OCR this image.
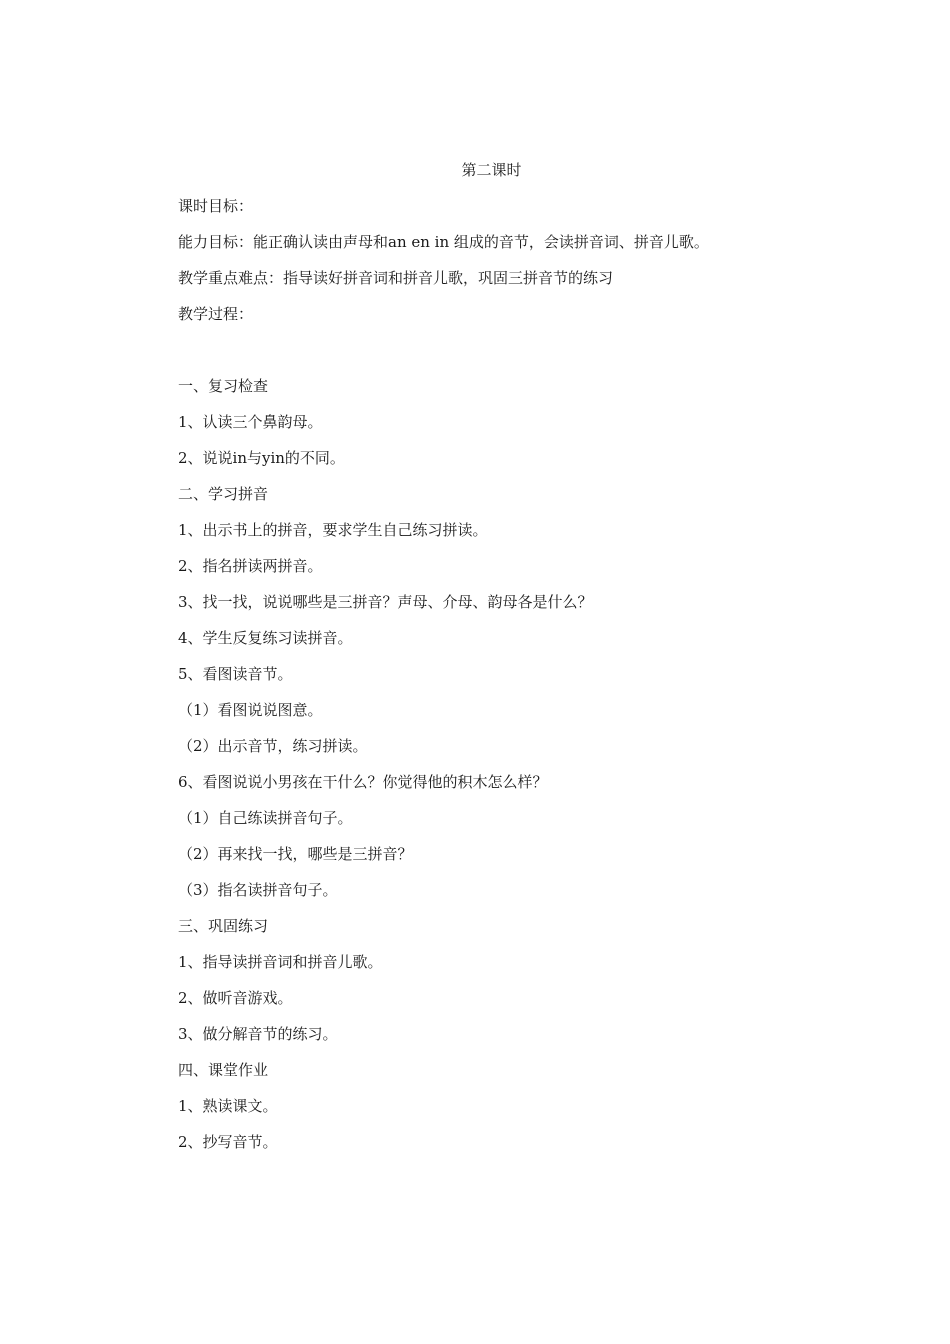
第二课时
课时目标：
能力目标：能正确认读由声母和an en in 组成的音节，会读拼音词、拼音儿歌。
教学重点难点：指导读好拼音词和拼音儿歌，巩固三拼音节的练习
教学过程：
一、复习检查
1、认读三个鼻韵母。
2、说说in与yin的不同。
二、学习拼音
1、出示书上的拼音，要求学生自己练习拼读。
2、指名拼读两拼音。
3、找一找，说说哪些是三拼音？声母、介母、韵母各是什么？
4、学生反复练习读拼音。
5、看图读音节。
（1）看图说说图意。
（2）出示音节，练习拼读。
6、看图说说小男孩在干什么？你觉得他的积木怎么样？
（1）自己练读拼音句子。
（2）再来找一找，哪些是三拼音？
（3）指名读拼音句子。
三、巩固练习
1、指导读拼音词和拼音儿歌。
2、做听音游戏。
3、做分解音节的练习。
四、课堂作业
1、熟读课文。
2、抄写音节。
